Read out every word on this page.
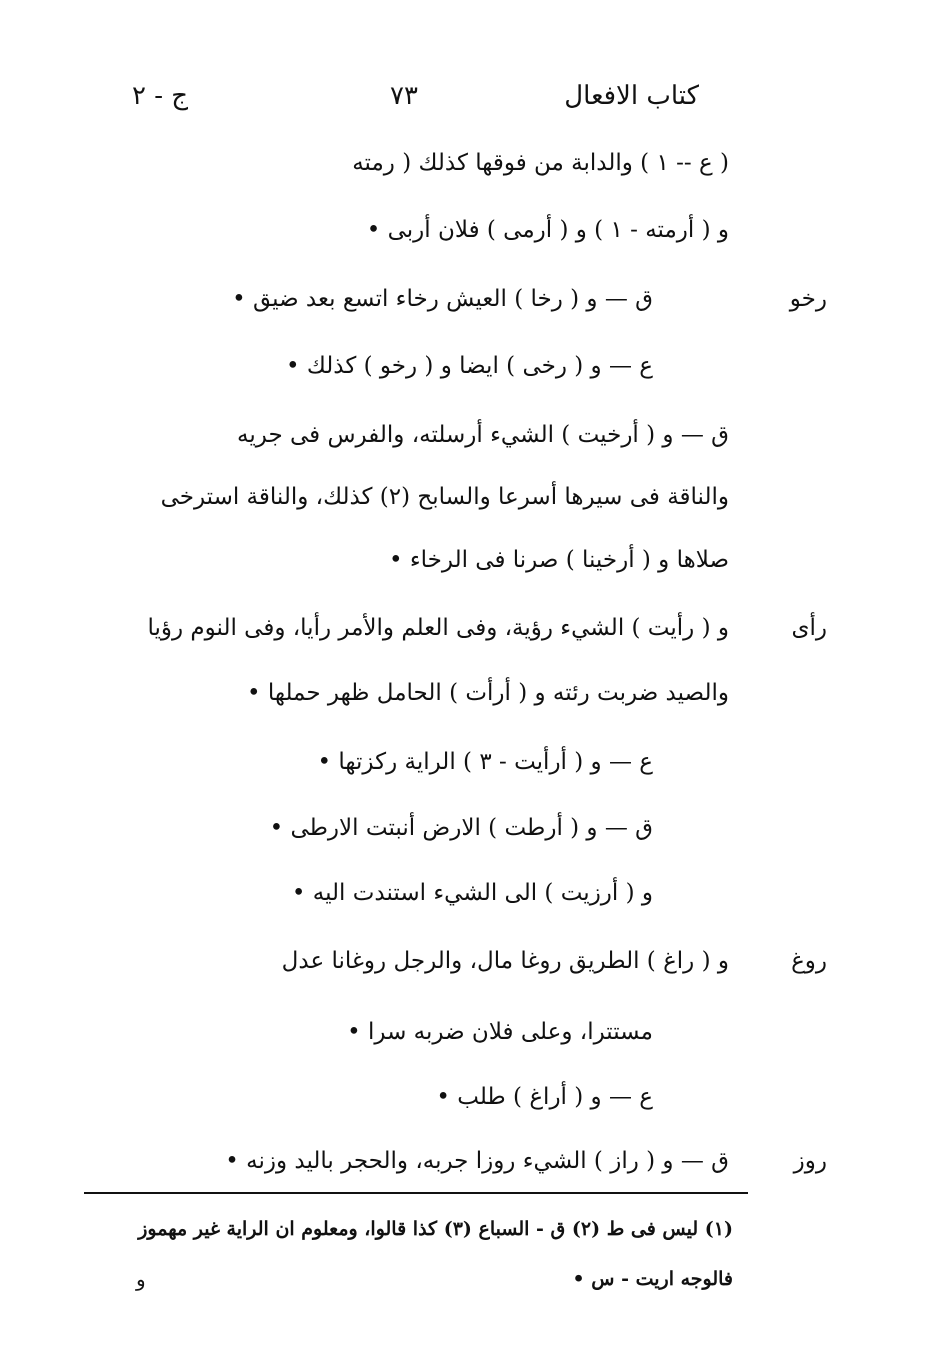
كتاب الافعال
٧٣
ج - ٢
( ع -- ١ ) والدابة من فوقها كذلك ( رمته
و ( أرمته - ١ ) و ( أرمى ) فلان أربى •
ق — و ( رخا ) العيش رخاء اتسع بعد ضيق •
ع — و ( رخى ) ايضا و ( رخو ) كذلك •
ق — و ( أرخيت ) الشيء أرسلته، والفرس فى جريه
والناقة فى سيرها أسرعا والسابح (٢) كذلك، والناقة استرخى
صلاها و ( أرخينا ) صرنا فى الرخاء •
و ( رأيت ) الشيء رؤية، وفى العلم والأمر رأيا، وفى النوم رؤيا
والصيد ضربت رئته و ( أرأت ) الحامل ظهر حملها •
ع — و ( أرأيت - ٣ ) الراية ركزتها •
ق — و ( أرطت ) الارض أنبتت الارطى •
و ( أرزيت ) الى الشيء استندت اليه •
و ( راغ ) الطريق روغا مال، والرجل روغانا عدل
مستترا، وعلى فلان ضربه سرا •
ع — و ( أراغ ) طلب •
ق — و ( راز ) الشيء روزا جربه، والحجر باليد وزنه •
رخو
رأى
روغ
روز
(١) ليس فى ط (٢) ق - السباع (٣) كذا قالوا، ومعلوم ان الراية غير مهموز
فالوجه اريت - س •
و
